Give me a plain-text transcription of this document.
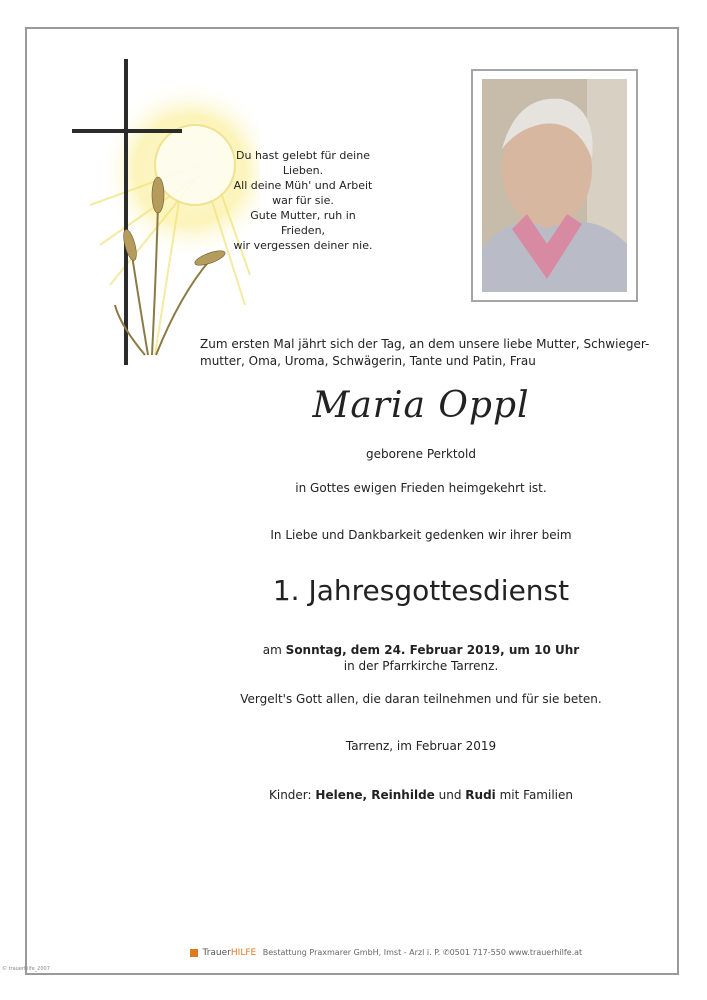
Du hast gelebt für deine Lieben.
All deine Müh' und Arbeit
war für sie.
Gute Mutter, ruh in Frieden,
wir vergessen deiner nie.
Zum ersten Mal jährt sich der Tag, an dem unsere liebe Mutter, Schwieger-mutter, Oma, Uroma, Schwägerin, Tante und Patin, Frau
Maria Oppl
geborene Perktold
in Gottes ewigen Frieden heimgekehrt ist.
In Liebe und Dankbarkeit gedenken wir ihrer beim
1. Jahresgottesdienst
am Sonntag, dem 24. Februar 2019, um 10 Uhr
in der Pfarrkirche Tarrenz.
Vergelt's Gott allen, die daran teilnehmen und für sie beten.
Tarrenz, im Februar 2019
Kinder: Helene, Reinhilde und Rudi mit Familien
TrauerHILFE Bestattung Praxmarer GmbH, Imst - Arzl i. P. ✆0501 717-550 www.trauerhilfe.at
© trauerhilfe_2007
